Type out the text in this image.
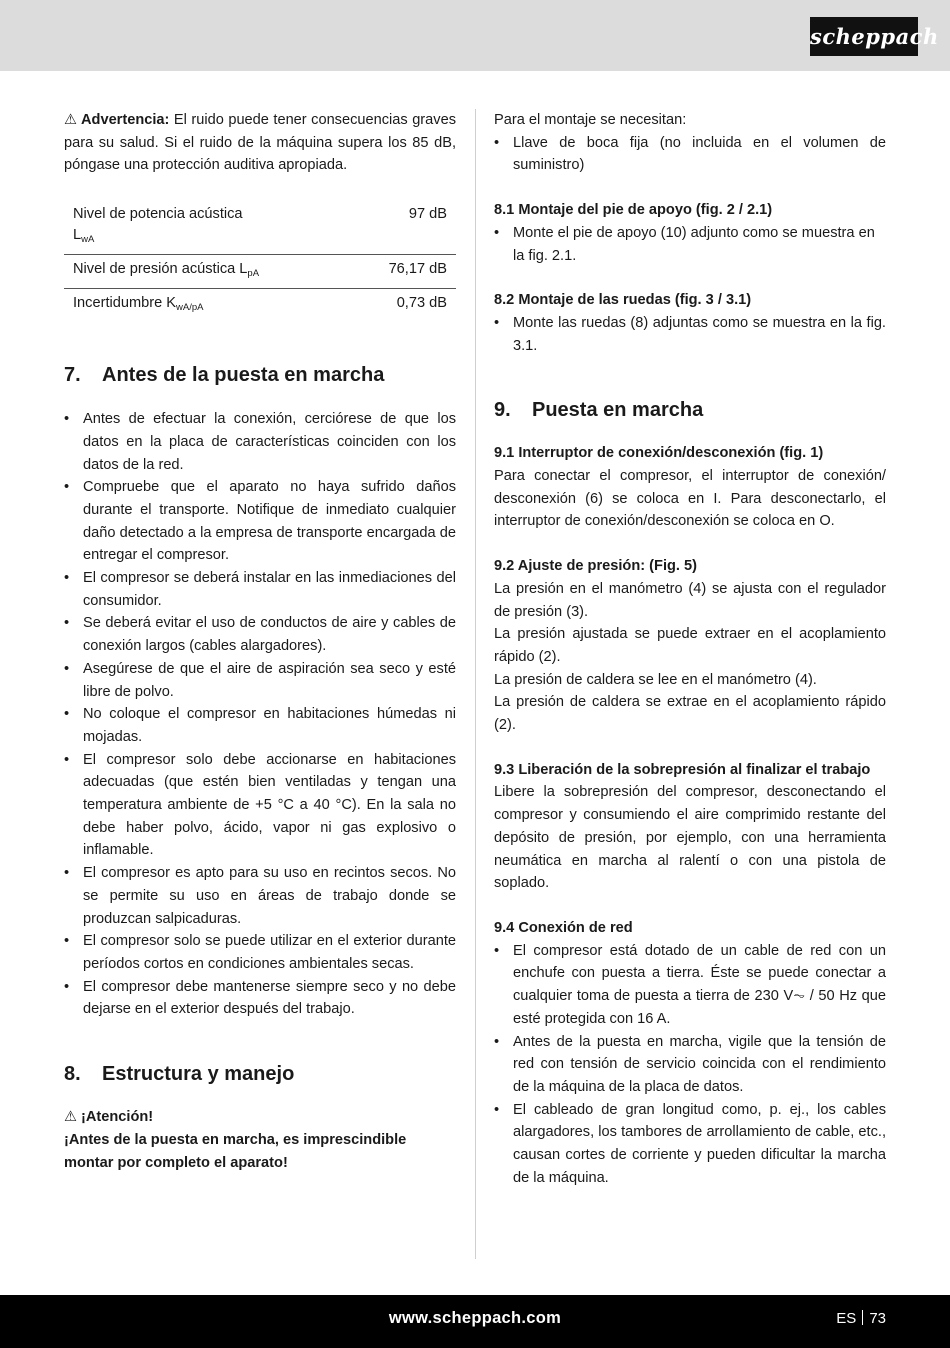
scheppach

⚠ Advertencia: El ruido puede tener consecuencias graves para su salud. Si el ruido de la máquina supera los 85 dB, póngase una protección auditiva apropiada.

Nivel de potencia acústica
$L_{wA}$	97 dB
Nivel de presión acústica $L_{pA}$	76,17 dB
Incertidumbre $K_{wA/pA}$	0,73 dB
7. Antes de la puesta en marcha
• Antes de efectuar la conexión, cerciórese de que los datos en la placa de características coinciden con los datos de la red.
• Compruebe que el aparato no haya sufrido daños durante el transporte. Notifique de inmediato cualquier daño detectado a la empresa de transporte encargada de entregar el compresor.
• El compresor se deberá instalar en las inmediaciones del consumidor.
• Se deberá evitar el uso de conductos de aire y cables de conexión largos (cables alargadores).
• Asegúrese de que el aire de aspiración sea seco y esté libre de polvo.
• No coloque el compresor en habitaciones húmedas ni mojadas.
• El compresor solo debe accionarse en habitaciones adecuadas (que estén bien ventiladas y tengan una temperatura ambiente de +5 °C a 40 °C). En la sala no debe haber polvo, ácido, vapor ni gas explosivo o inflamable.
• El compresor es apto para su uso en recintos secos. No se permite su uso en áreas de trabajo donde se produzcan salpicaduras.
• El compresor solo se puede utilizar en el exterior durante períodos cortos en condiciones ambientales secas.
• El compresor debe mantenerse siempre seco y no debe dejarse en el exterior después del trabajo.
8. Estructura y manejo

⚠ ¡Atención!

¡Antes de la puesta en marcha, es imprescindible montar por completo el aparato!

Para el montaje se necesitan:

• Llave de boca fija (no incluida en el volumen de suministro)

8.1 Montaje del pie de apoyo (fig. 2 / 2.1)

• Monte el pie de apoyo (10) adjunto como se muestra en la fig. 2.1.

8.2 Montaje de las ruedas (fig. 3 / 3.1)

• Monte las ruedas (8) adjuntas como se muestra en la fig. 3.1.
9. Puesta en marcha

9.1 Interruptor de conexión/desconexión (fig. 1)

Para conectar el compresor, el interruptor de conexión/ desconexión (6) se coloca en I. Para desconectarlo, el interruptor de conexión/desconexión se coloca en O.

9.2 Ajuste de presión: (Fig. 5)

La presión en el manómetro (4) se ajusta con el regulador de presión (3).

La presión ajustada se puede extraer en el acoplamiento rápido (2).

La presión de caldera se lee en el manómetro (4).

La presión de caldera se extrae en el acoplamiento rápido (2).

9.3 Liberación de la sobrepresión al finalizar el trabajo

Libere la sobrepresión del compresor, desconectando el compresor y consumiendo el aire comprimido restante del depósito de presión, por ejemplo, con una herramienta neumática en marcha al ralentí o con una pistola de soplado.

9.4 Conexión de red

• El compresor está dotado de un cable de red con un enchufe con puesta a tierra. Éste se puede conectar a cualquier toma de puesta a tierra de 230 V⏦ / 50 Hz que esté protegida con 16 A.
• Antes de la puesta en marcha, vigile que la tensión de red con tensión de servicio coincida con el rendimiento de la máquina de la placa de datos.
• El cableado de gran longitud como, p. ej., los cables alargadores, los tambores de arrollamiento de cable, etc., causan cortes de corriente y pueden dificultar la marcha de la máquina.
www.scheppach.com	ES 73
